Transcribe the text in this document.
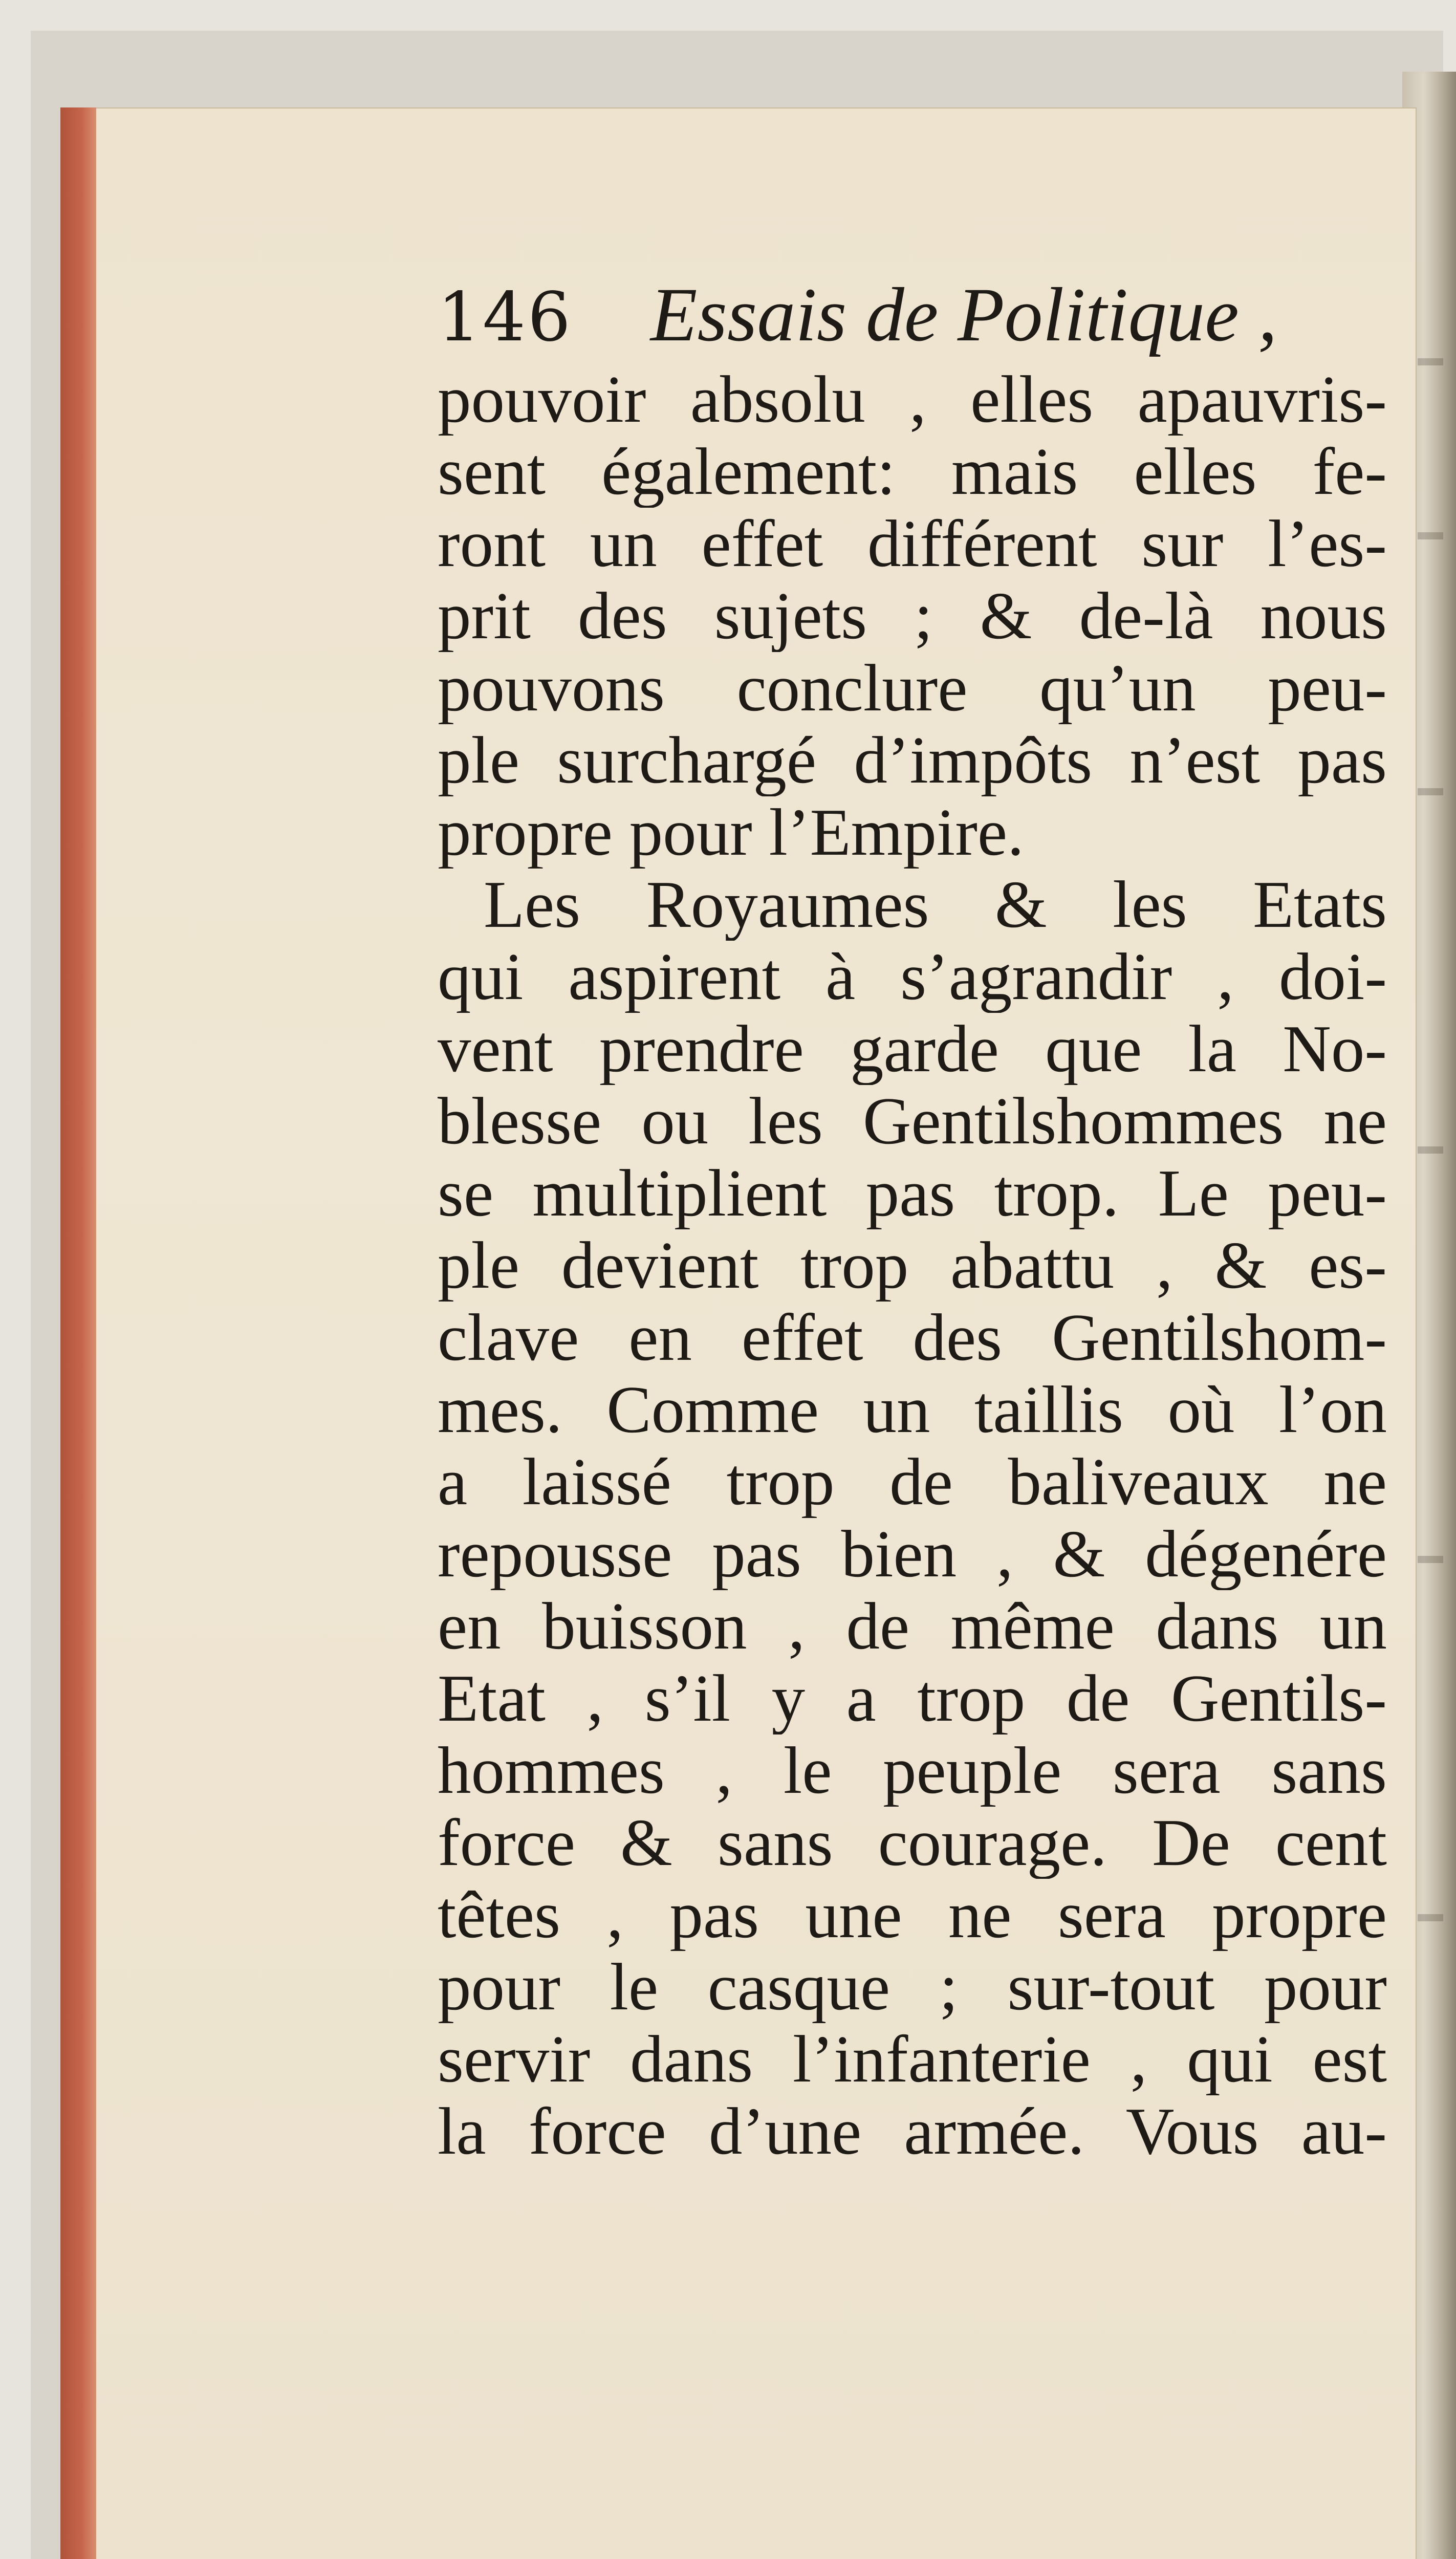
146 Essais de Politique ,
pouvoir absolu , elles apauvris-
sent également: mais elles fe-
ront un effet différent sur l’es-
prit des sujets ; & de-là nous
pouvons conclure qu’un peu-
ple surchargé d’impôts n’est pas
propre pour l’Empire.
Les Royaumes & les Etats
qui aspirent à s’agrandir , doi-
vent prendre garde que la No-
blesse ou les Gentilshommes ne
se multiplient pas trop. Le peu-
ple devient trop abattu , & es-
clave en effet des Gentilshom-
mes. Comme un taillis où l’on
a laissé trop de baliveaux ne
repousse pas bien , & dégenére
en buisson , de même dans un
Etat , s’il y a trop de Gentils-
hommes , le peuple sera sans
force & sans courage. De cent
têtes , pas une ne sera propre
pour le casque ; sur-tout pour
servir dans l’infanterie , qui est
la force d’une armée. Vous au-
